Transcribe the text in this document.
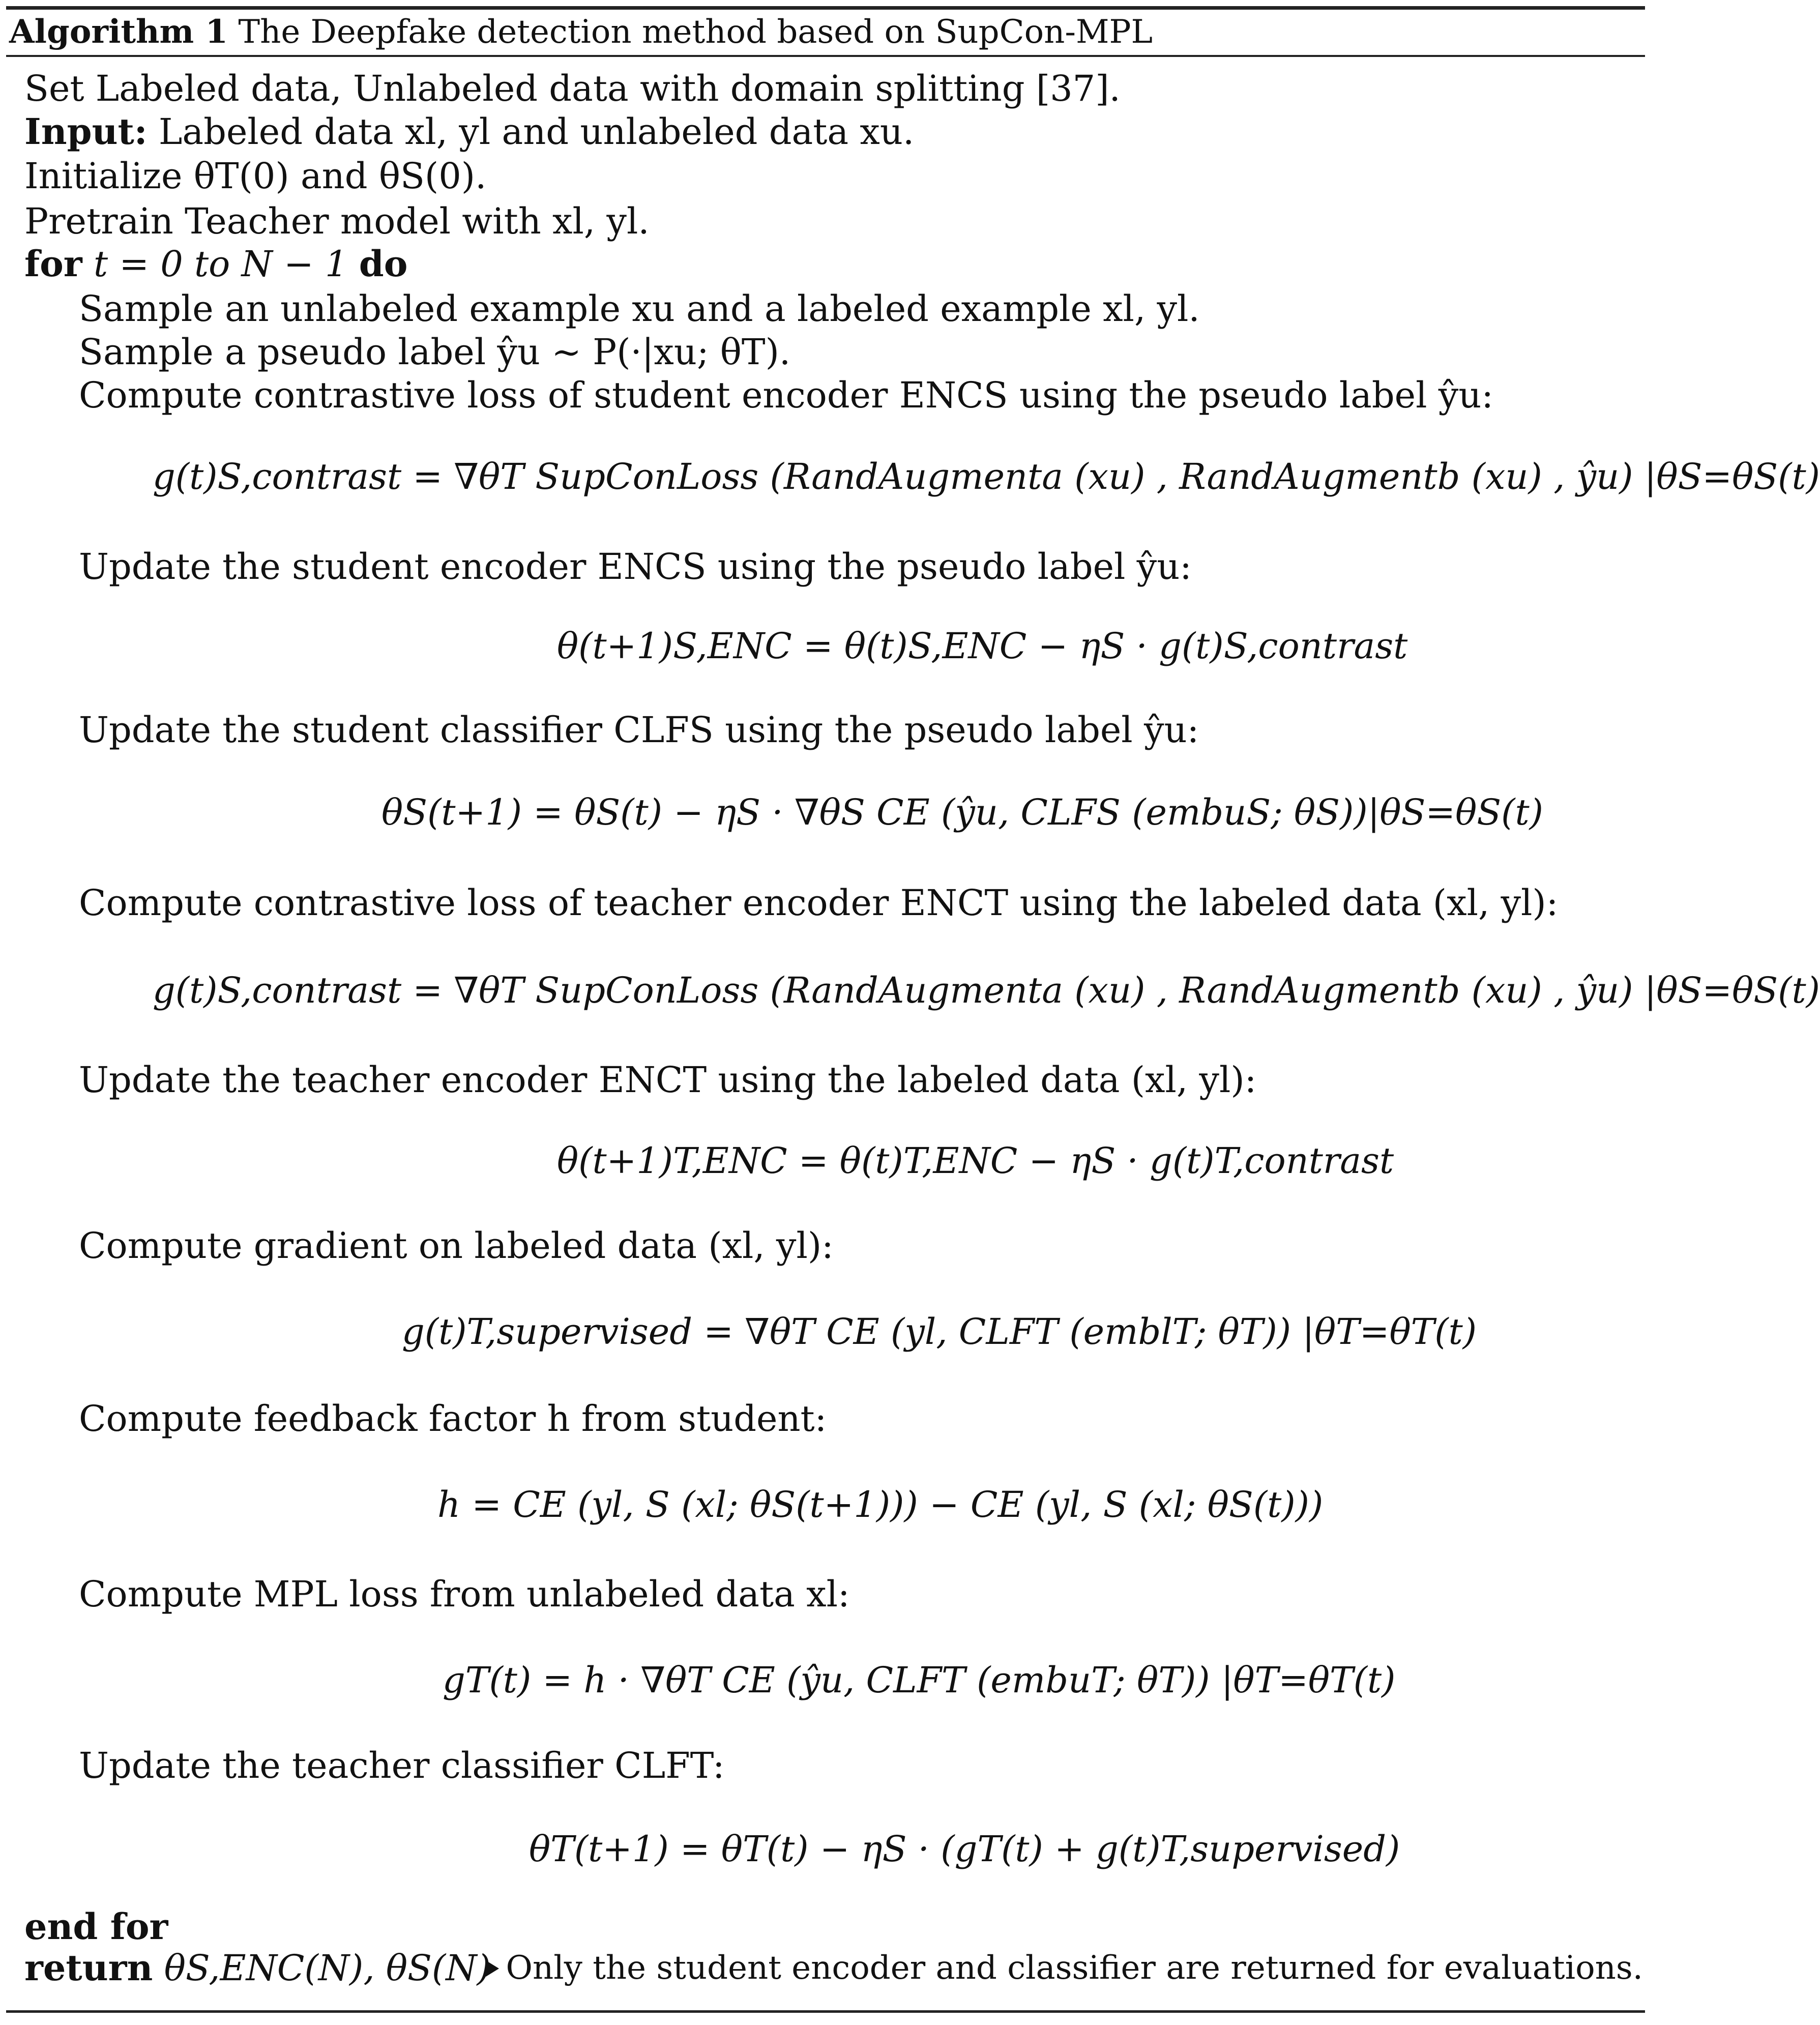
Algorithm 1 The Deepfake detection method based on SupCon-MPL
Set Labeled data, Unlabeled data with domain splitting [37].
Input: Labeled data xl, yl and unlabeled data xu.
Initialize θT(0) and θS(0).
Pretrain Teacher model with xl, yl.
for t = 0 to N − 1 do
Sample an unlabeled example xu and a labeled example xl, yl.
Sample a pseudo label ŷu ∼ P(·|xu; θT).
Compute contrastive loss of student encoder ENCS using the pseudo label ŷu:
g(t)S,contrast = ∇θT SupConLoss (RandAugmenta (xu) , RandAugmentb (xu) , ŷu) |θS=θS(t)
Update the student encoder ENCS using the pseudo label ŷu:
θ(t+1)S,ENC = θ(t)S,ENC − ηS · g(t)S,contrast
Update the student classifier CLFS using the pseudo label ŷu:
θS(t+1) = θS(t) − ηS · ∇θS CE (ŷu, CLFS (embuS; θS))|θS=θS(t)
Compute contrastive loss of teacher encoder ENCT using the labeled data (xl, yl):
g(t)S,contrast = ∇θT SupConLoss (RandAugmenta (xu) , RandAugmentb (xu) , ŷu) |θS=θS(t)
Update the teacher encoder ENCT using the labeled data (xl, yl):
θ(t+1)T,ENC = θ(t)T,ENC − ηS · g(t)T,contrast
Compute gradient on labeled data (xl, yl):
g(t)T,supervised = ∇θT CE (yl, CLFT (emblT; θT)) |θT=θT(t)
Compute feedback factor h from student:
h = CE (yl, S (xl; θS(t+1))) − CE (yl, S (xl; θS(t)))
Compute MPL loss from unlabeled data xl:
gT(t) = h · ∇θT CE (ŷu, CLFT (embuT; θT)) |θT=θT(t)
Update the teacher classifier CLFT:
θT(t+1) = θT(t) − ηS · (gT(t) + g(t)T,supervised)
end for
return θS,ENC(N), θS(N) Only the student encoder and classifier are returned for evaluations.
